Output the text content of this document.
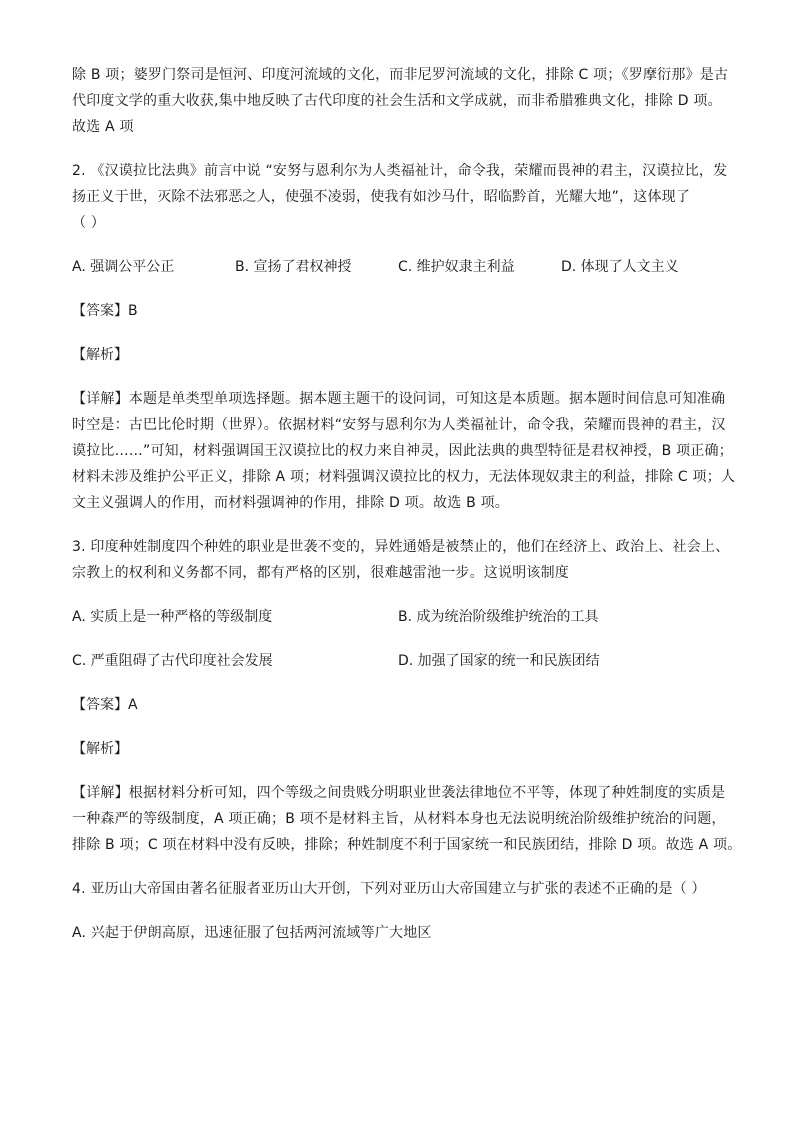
除 B 项；婆罗门祭司是恒河、印度河流域的文化，而非尼罗河流域的文化，排除 C 项；《罗摩衍那》是古
代印度文学的重大收获,集中地反映了古代印度的社会生活和文学成就，而非希腊雅典文化，排除 D 项。
故选 A 项
2. 《汉谟拉比法典》前言中说 “安努与恩利尔为人类福祉计，命令我，荣耀而畏神的君主，汉谟拉比，发
扬正义于世，灭除不法邪恶之人，使强不凌弱，使我有如沙马什，昭临黔首，光耀大地”，这体现了
（ ）
A. 强调公平公正	B. 宣扬了君权神授	C. 维护奴隶主利益	D. 体现了人文主义
【答案】B
【解析】
【详解】本题是单类型单项选择题。据本题主题干的设问词，可知这是本质题。据本题时间信息可知准确
时空是：古巴比伦时期（世界）。依据材料“安努与恩利尔为人类福祉计，命令我，荣耀而畏神的君主，汉
谟拉比……”可知，材料强调国王汉谟拉比的权力来自神灵，因此法典的典型特征是君权神授，B 项正确；
材料未涉及维护公平正义，排除 A 项；材料强调汉谟拉比的权力，无法体现奴隶主的利益，排除 C 项；人
文主义强调人的作用，而材料强调神的作用，排除 D 项。故选 B 项。
3. 印度种姓制度四个种姓的职业是世袭不变的，异姓通婚是被禁止的，他们在经济上、政治上、社会上、
宗教上的权利和义务都不同，都有严格的区别，很难越雷池一步。这说明该制度
A. 实质上是一种严格的等级制度	B. 成为统治阶级维护统治的工具
C. 严重阻碍了古代印度社会发展	D. 加强了国家的统一和民族团结
【答案】A
【解析】
【详解】根据材料分析可知，四个等级之间贵贱分明职业世袭法律地位不平等，体现了种姓制度的实质是
一种森严的等级制度，A 项正确；B 项不是材料主旨，从材料本身也无法说明统治阶级维护统治的问题，
排除 B 项；C 项在材料中没有反映，排除；种姓制度不利于国家统一和民族团结，排除 D 项。故选 A 项。
4. 亚历山大帝国由著名征服者亚历山大开创，下列对亚历山大帝国建立与扩张的表述不正确的是（ ）
A. 兴起于伊朗高原，迅速征服了包括两河流域等广大地区
